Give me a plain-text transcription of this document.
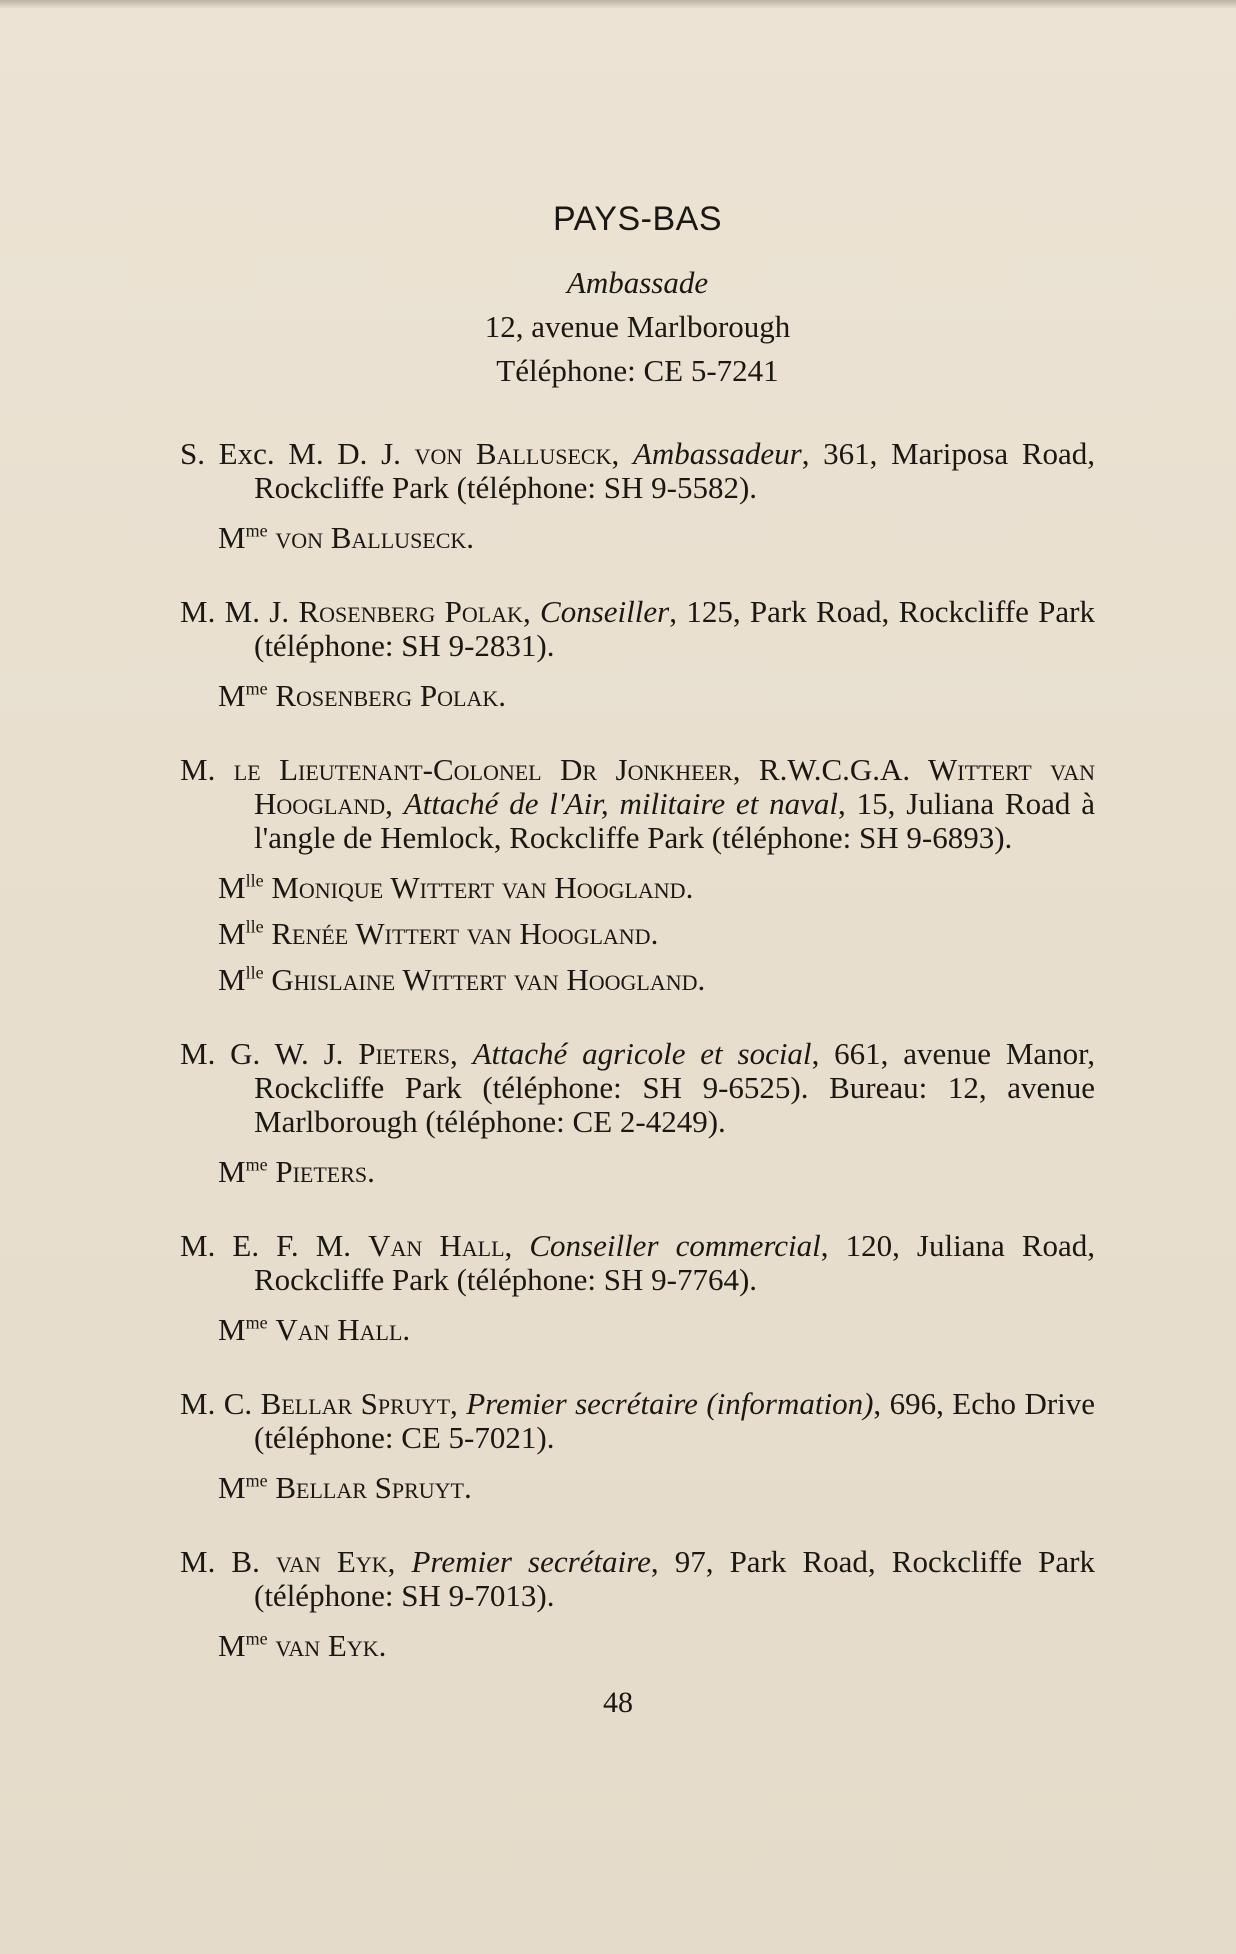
PAYS-BAS

Ambassade

12, avenue Marlborough

Téléphone: CE 5-7241

S. Exc. M. D. J. von Balluseck, Ambassadeur, 361, Mariposa Road, Rockcliffe Park (téléphone: SH 9-5582).

$M^{me}$ von Balluseck.

M. M. J. Rosenberg Polak, Conseiller, 125, Park Road, Rockcliffe Park (téléphone: SH 9-2831).

$M^{me}$ Rosenberg Polak.

M. le Lieutenant-Colonel Dr Jonkheer, R.W.C.G.A. Wittert van Hoogland, Attaché de l'Air, militaire et naval, 15, Juliana Road à l'angle de Hemlock, Rockcliffe Park (téléphone: SH 9-6893).

$M^{lle}$ Monique Wittert van Hoogland.

$M^{lle}$ Renée Wittert van Hoogland.

$M^{lle}$ Ghislaine Wittert van Hoogland.

M. G. W. J. Pieters, Attaché agricole et social, 661, avenue Manor, Rockcliffe Park (téléphone: SH 9-6525). Bureau: 12, avenue Marlborough (téléphone: CE 2-4249).

$M^{me}$ Pieters.

M. E. F. M. Van Hall, Conseiller commercial, 120, Juliana Road, Rockcliffe Park (téléphone: SH 9-7764).

$M^{me}$ Van Hall.

M. C. Bellar Spruyt, Premier secrétaire (information), 696, Echo Drive (téléphone: CE 5-7021).

$M^{me}$ Bellar Spruyt.

M. B. van Eyk, Premier secrétaire, 97, Park Road, Rockcliffe Park (téléphone: SH 9-7013).

$M^{me}$ van Eyk.

48
